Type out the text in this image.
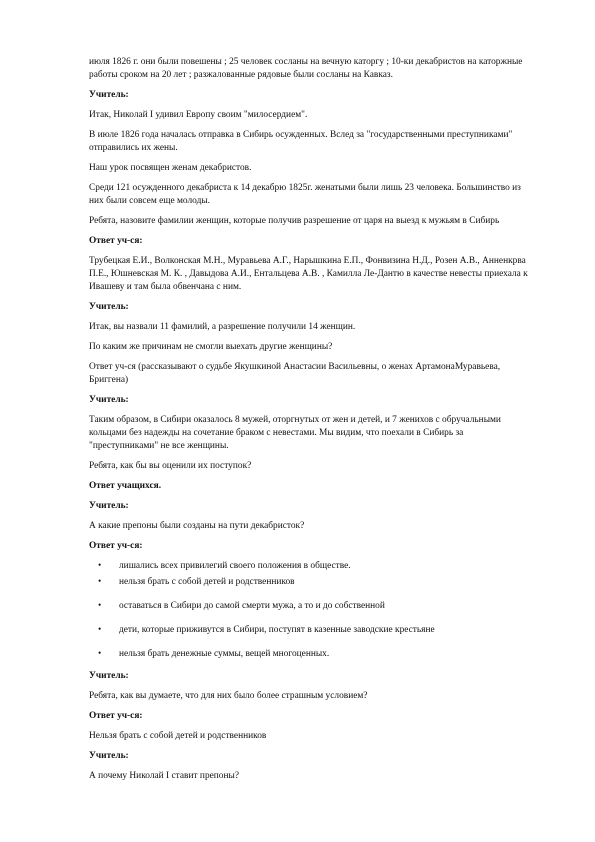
июля 1826 г. они были повешены ; 25 человек сосланы на вечную каторгу ; 10-ки декабристов на каторжные работы сроком на 20 лет ; разжалованные рядовые были сосланы на Кавказ.

Учитель:

Итак, Николай I удивил Европу своим "милосердием".

В июле 1826 года началась отправка в Сибирь осужденных. Вслед за "государственными преступниками" отправились их жены.

Наш урок посвящен женам декабристов.

Среди 121 осужденного декабриста к 14 декабрю 1825г. женатыми были лишь 23 человека. Большинство из них были совсем еще молоды.

Ребята, назовите фамилии женщин, которые получив разрешение от царя на выезд к мужьям в Сибирь

Ответ уч-ся:

Трубецкая Е.И., Волконская М.Н., Муравьева А.Г., Нарышкина Е.П., Фонвизина Н.Д., Розен А.В., Анненкрва П.Е., Юшневская М. К. , Давыдова А.И., Ентальцева А.В. , Камилла Ле-Дантю в качестве невесты приехала к Ивашеву и там была обвенчана с ним.

Учитель:

Итак, вы назвали 11 фамилий, а разрешение получили 14 женщин.

По каким же причинам не смогли выехать другие женщины?

Ответ уч-ся (рассказывают о судьбе Якушкиной Анастасии Васильевны, о женах АртамонаМуравьева, Бриггена)

Учитель:

Таким образом, в Сибири оказалось 8 мужей, оторгнутых от жен и детей, и 7 женихов с обручальными кольцами без надежды на сочетание браком с невестами. Мы видим, что поехали в Сибирь за "преступниками" не все женщины.

Ребята, как бы вы оценили их поступок?

Ответ учащихся.

Учитель:

А какие препоны были созданы на пути декабристок?

Ответ уч-ся:

• лишались всех привилегий своего положения в обществе.
• нельзя брать с собой детей и родственников
• оставаться в Сибири до самой смерти мужа, а то и до собственной
• дети, которые приживутся в Сибири, поступят в казенные заводские крестьяне
• нельзя брать денежные суммы, вещей многоценных.

Учитель:

Ребята, как вы думаете, что для них было более страшным условием?

Ответ уч-ся:

Нельзя брать с собой детей и родственников

Учитель:

А почему Николай I ставит препоны?
